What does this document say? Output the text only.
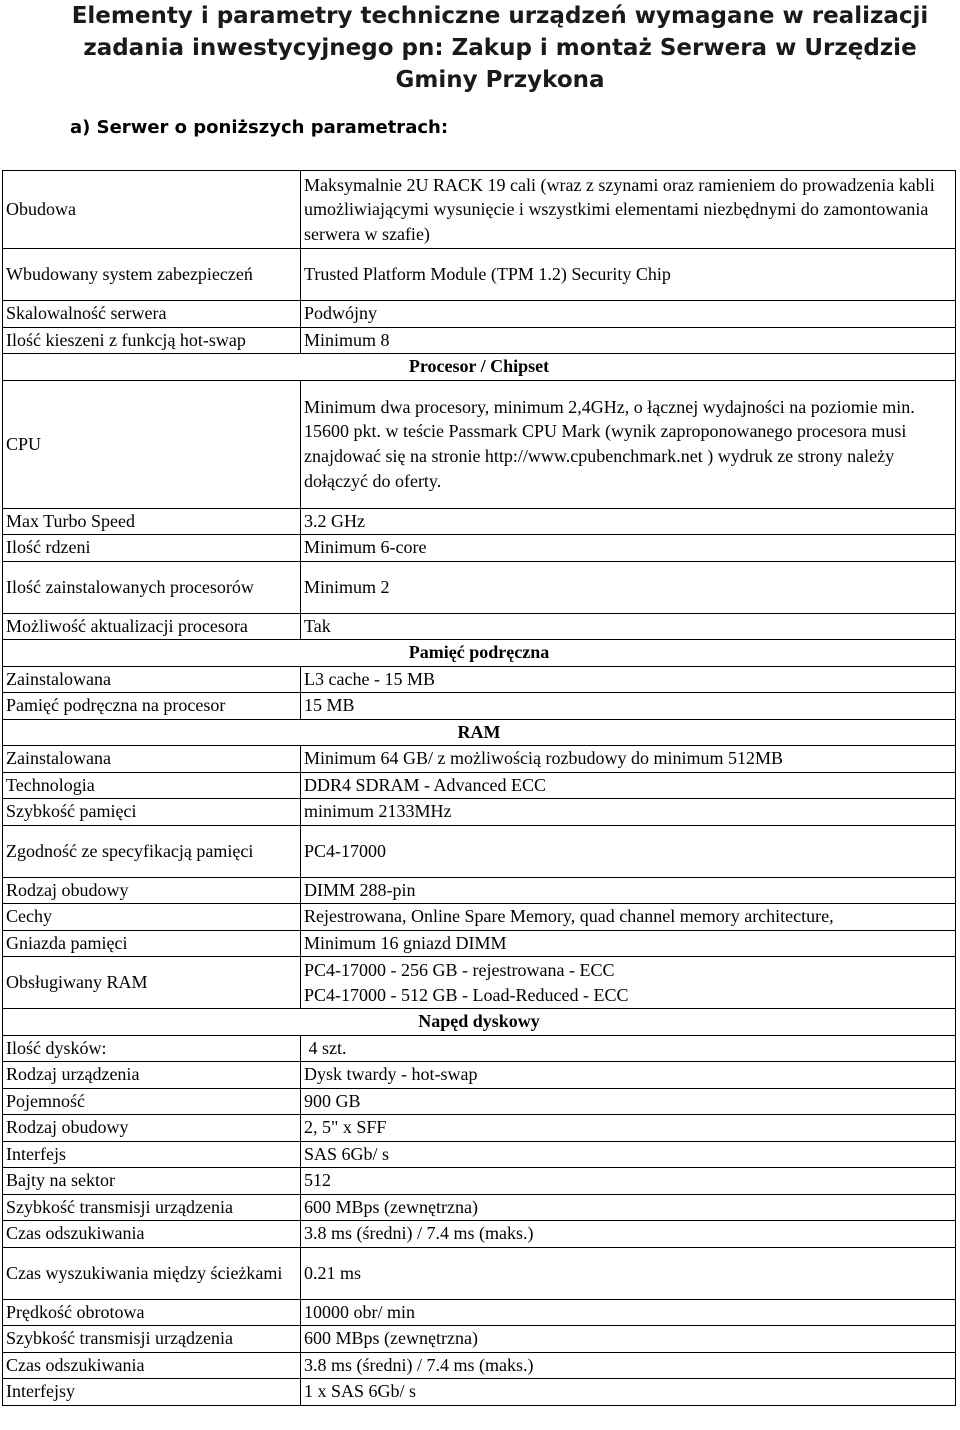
Elementy i parametry techniczne urządzeń wymagane w realizacji zadania inwestycyjnego pn: Zakup i montaż Serwera w Urzędzie Gminy Przykona
a) Serwer o poniższych parametrach:
Obudowa	Maksymalnie 2U RACK 19 cali (wraz z szynami oraz ramieniem do prowadzenia kabli umożliwiającymi wysunięcie i wszystkimi elementami niezbędnymi do zamontowania serwera w szafie)
Wbudowany system zabezpieczeń	Trusted Platform Module (TPM 1.2) Security Chip
Skalowalność serwera	Podwójny
Ilość kieszeni z funkcją hot-swap	Minimum 8
Procesor / Chipset	
CPU	Minimum dwa procesory, minimum 2,4GHz, o łącznej wydajności na poziomie min. 15600 pkt. w teście Passmark CPU Mark (wynik zaproponowanego procesora musi znajdować się na stronie http://www.cpubenchmark.net ) wydruk ze strony należy dołączyć do oferty.
Max Turbo Speed	3.2 GHz
Ilość rdzeni	Minimum 6-core
Ilość zainstalowanych procesorów	Minimum 2
Możliwość aktualizacji procesora	Tak
Pamięć podręczna	
Zainstalowana	L3 cache - 15 MB
Pamięć podręczna na procesor	15 MB
RAM	
Zainstalowana	Minimum 64 GB/ z możliwością rozbudowy do minimum 512MB
Technologia	DDR4 SDRAM - Advanced ECC
Szybkość pamięci	minimum 2133MHz
Zgodność ze specyfikacją pamięci	PC4-17000
Rodzaj obudowy	DIMM 288-pin
Cechy	Rejestrowana, Online Spare Memory, quad channel memory architecture,
Gniazda pamięci	Minimum 16 gniazd DIMM
Obsługiwany RAM	PC4-17000 - 256 GB - rejestrowana - ECC
PC4-17000 - 512 GB - Load-Reduced - ECC

Napęd dyskowy	
Ilość dysków:	4 szt.
Rodzaj urządzenia	Dysk twardy - hot-swap
Pojemność	900 GB
Rodzaj obudowy	2, 5" x SFF
Interfejs	SAS 6Gb/ s
Bajty na sektor	512
Szybkość transmisji urządzenia	600 MBps (zewnętrzna)
Czas odszukiwania	3.8 ms (średni) / 7.4 ms (maks.)
Czas wyszukiwania między ścieżkami	0.21 ms
Prędkość obrotowa	10000 obr/ min
Szybkość transmisji urządzenia	600 MBps (zewnętrzna)
Czas odszukiwania	3.8 ms (średni) / 7.4 ms (maks.)
Interfejsy	1 x SAS 6Gb/ s
